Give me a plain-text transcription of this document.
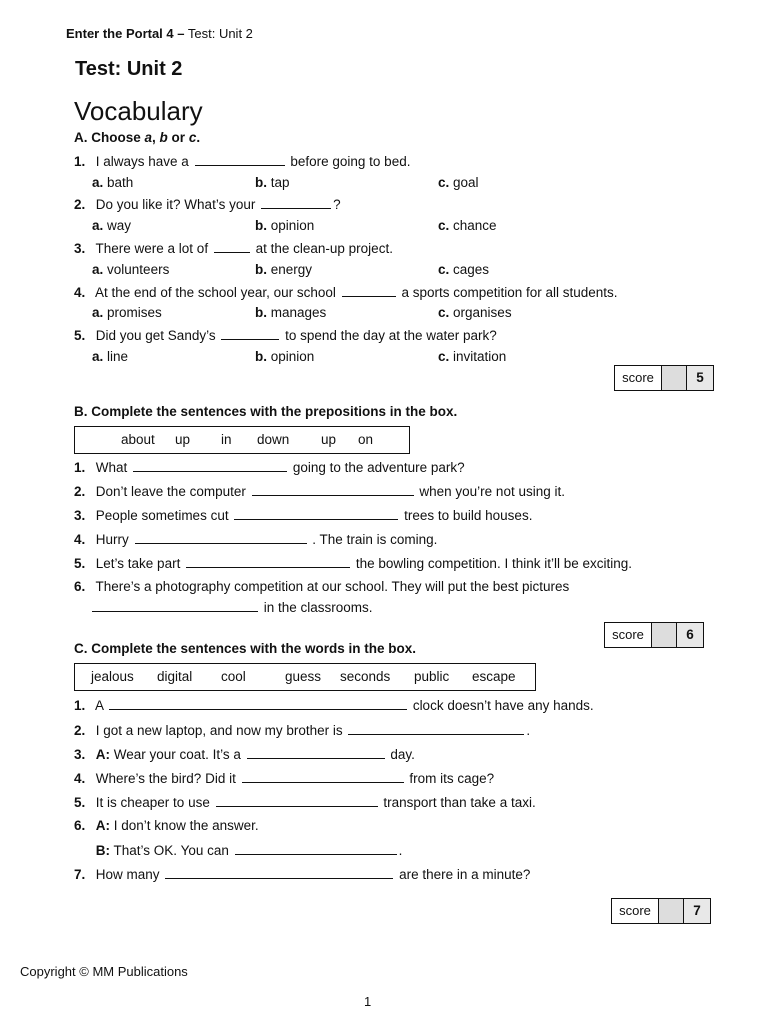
Enter the Portal 4 – Test: Unit 2
Test: Unit 2
Vocabulary
A. Choose a, b or c.
1. I always have a	before going to bed.
a. bath	b. tap	c. goal
2. Do you like it? What’s your	?
a. way	b. opinion	c. chance
3. There were a lot of	at the clean-up project.
a. volunteers	b. energy	c. cages
4. At the end of the school year, our school	a sports competition for all students.
a. promises	b. manages	c. organises
5. Did you get Sandy’s	to spend the day at the water park?
a. line	b. opinion	c. invitation
score	5
B. Complete the sentences with the prepositions in the box.
about up in down up on
1. What	going to the adventure park?
2. Don’t leave the computer	when you’re not using it.
3. People sometimes cut	trees to build houses.
4. Hurry	. The train is coming.
5. Let’s take part	the bowling competition. I think it’ll be exciting.
6. There’s a photography competition at our school. They will put the best pictures
in the classrooms.
score	6
C. Complete the sentences with the words in the box.
jealous digital cool	guess seconds public escape
1. A	clock doesn’t have any hands.
2. I got a new laptop, and now my brother is	.
3. A: Wear your coat. It’s a	day.
4. Where’s the bird? Did it	from its cage?
5. It is cheaper to use	transport than take a taxi.
6. A: I don’t know the answer.
B: That’s OK. You can	.
7. How many	are there in a minute?
score	7
Copyright © MM Publications
1
